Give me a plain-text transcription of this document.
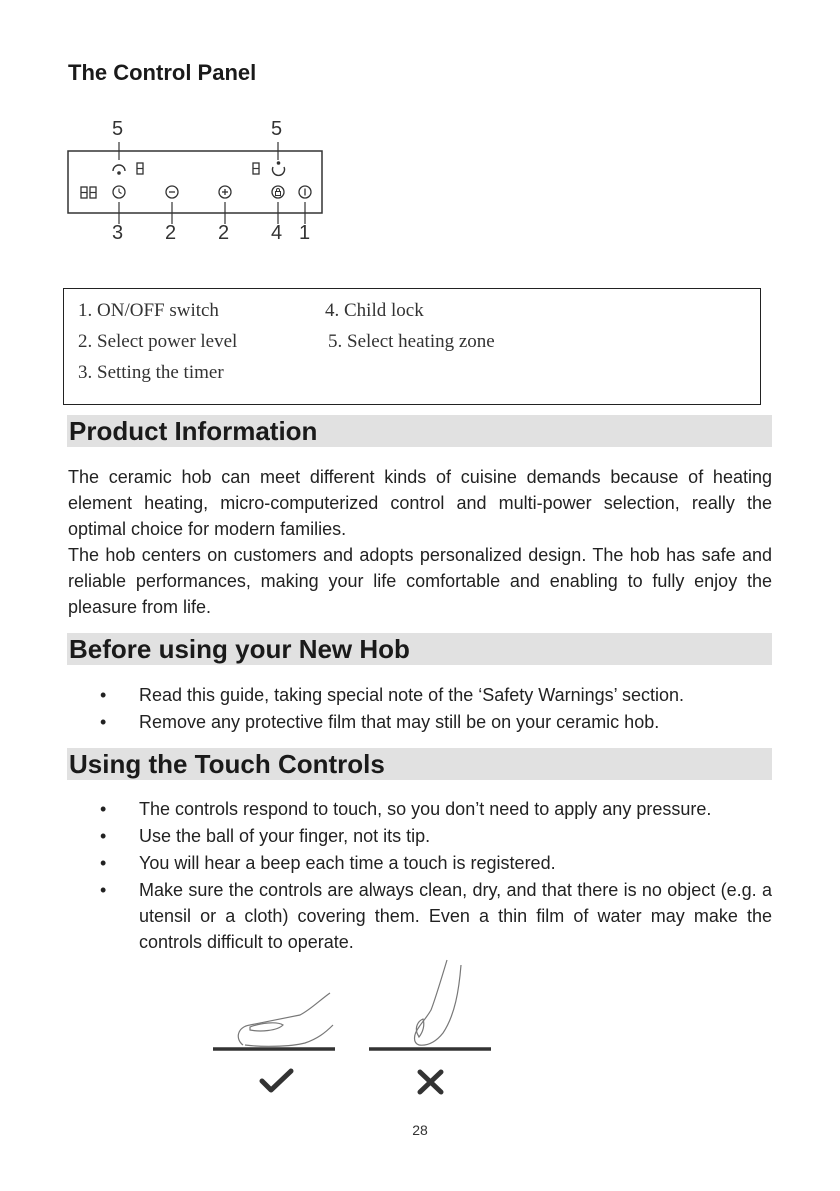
The Control Panel
5	5
3 2 2 4 1
1. ON/OFF switch
2. Select power level
3. Setting the timer
4. Child lock
5. Select heating zone
Product Information
The ceramic hob can meet different kinds of cuisine demands because of heating element heating, micro-computerized control and multi-power selection, really the optimal choice for modern families.
The hob centers on customers and adopts personalized design. The hob has safe and reliable performances, making your life comfortable and enabling to fully enjoy the pleasure from life.
Before using your New Hob
•	Read this guide, taking special note of the ‘Safety Warnings’ section.
•	Remove any protective film that may still be on your ceramic hob.
Using the Touch Controls
•	The controls respond to touch, so you don’t need to apply any pressure.
•	Use the ball of your finger, not its tip.
•	You will hear a beep each time a touch is registered.
•	Make sure the controls are always clean, dry, and that there is no object (e.g. a utensil or a cloth) covering them. Even a thin film of water may make the controls difficult to operate.
28
